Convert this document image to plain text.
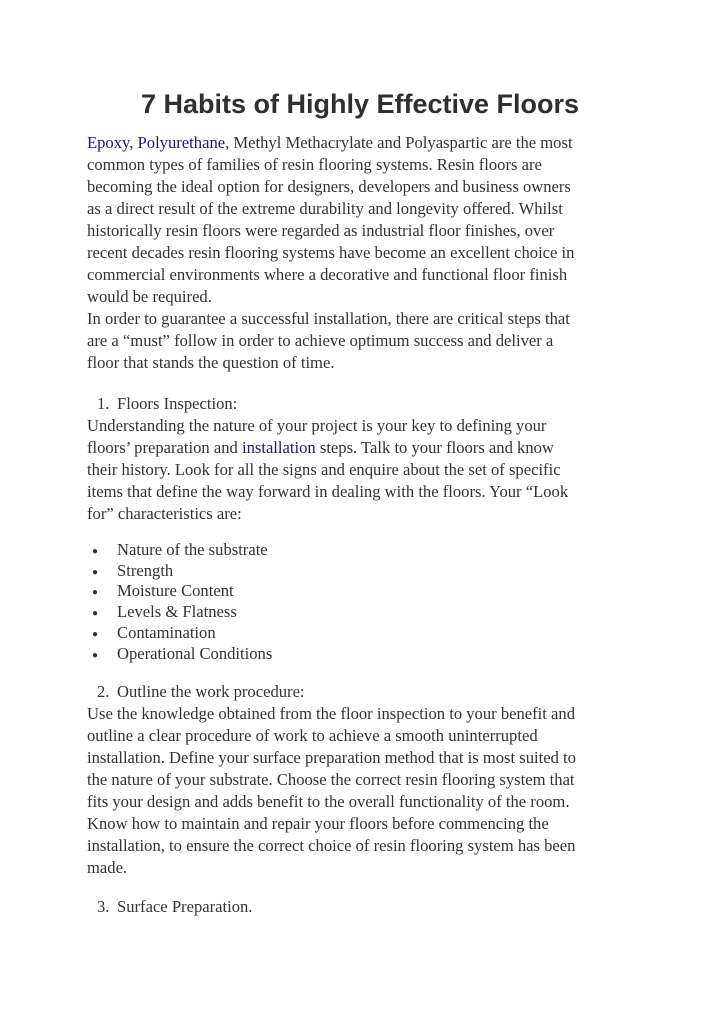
7 Habits of Highly Effective Floors

Epoxy, Polyurethane, Methyl Methacrylate and Polyaspartic are the most

common types of families of resin flooring systems. Resin floors are

becoming the ideal option for designers, developers and business owners

as a direct result of the extreme durability and longevity offered. Whilst

historically resin floors were regarded as industrial floor finishes, over

recent decades resin flooring systems have become an excellent choice in

commercial environments where a decorative and functional floor finish

would be required.

In order to guarantee a successful installation, there are critical steps that

are a “must” follow in order to achieve optimum success and deliver a

floor that stands the question of time.

1. Floors Inspection:

Understanding the nature of your project is your key to defining your

floors’ preparation and installation steps. Talk to your floors and know

their history. Look for all the signs and enquire about the set of specific

items that define the way forward in dealing with the floors. Your “Look

for” characteristics are:

● Nature of the substrate

● Strength

● Moisture Content

● Levels & Flatness

● Contamination

● Operational Conditions

2. Outline the work procedure:

Use the knowledge obtained from the floor inspection to your benefit and

outline a clear procedure of work to achieve a smooth uninterrupted

installation. Define your surface preparation method that is most suited to

the nature of your substrate. Choose the correct resin flooring system that

fits your design and adds benefit to the overall functionality of the room.

Know how to maintain and repair your floors before commencing the

installation, to ensure the correct choice of resin flooring system has been

made.

3. Surface Preparation.
